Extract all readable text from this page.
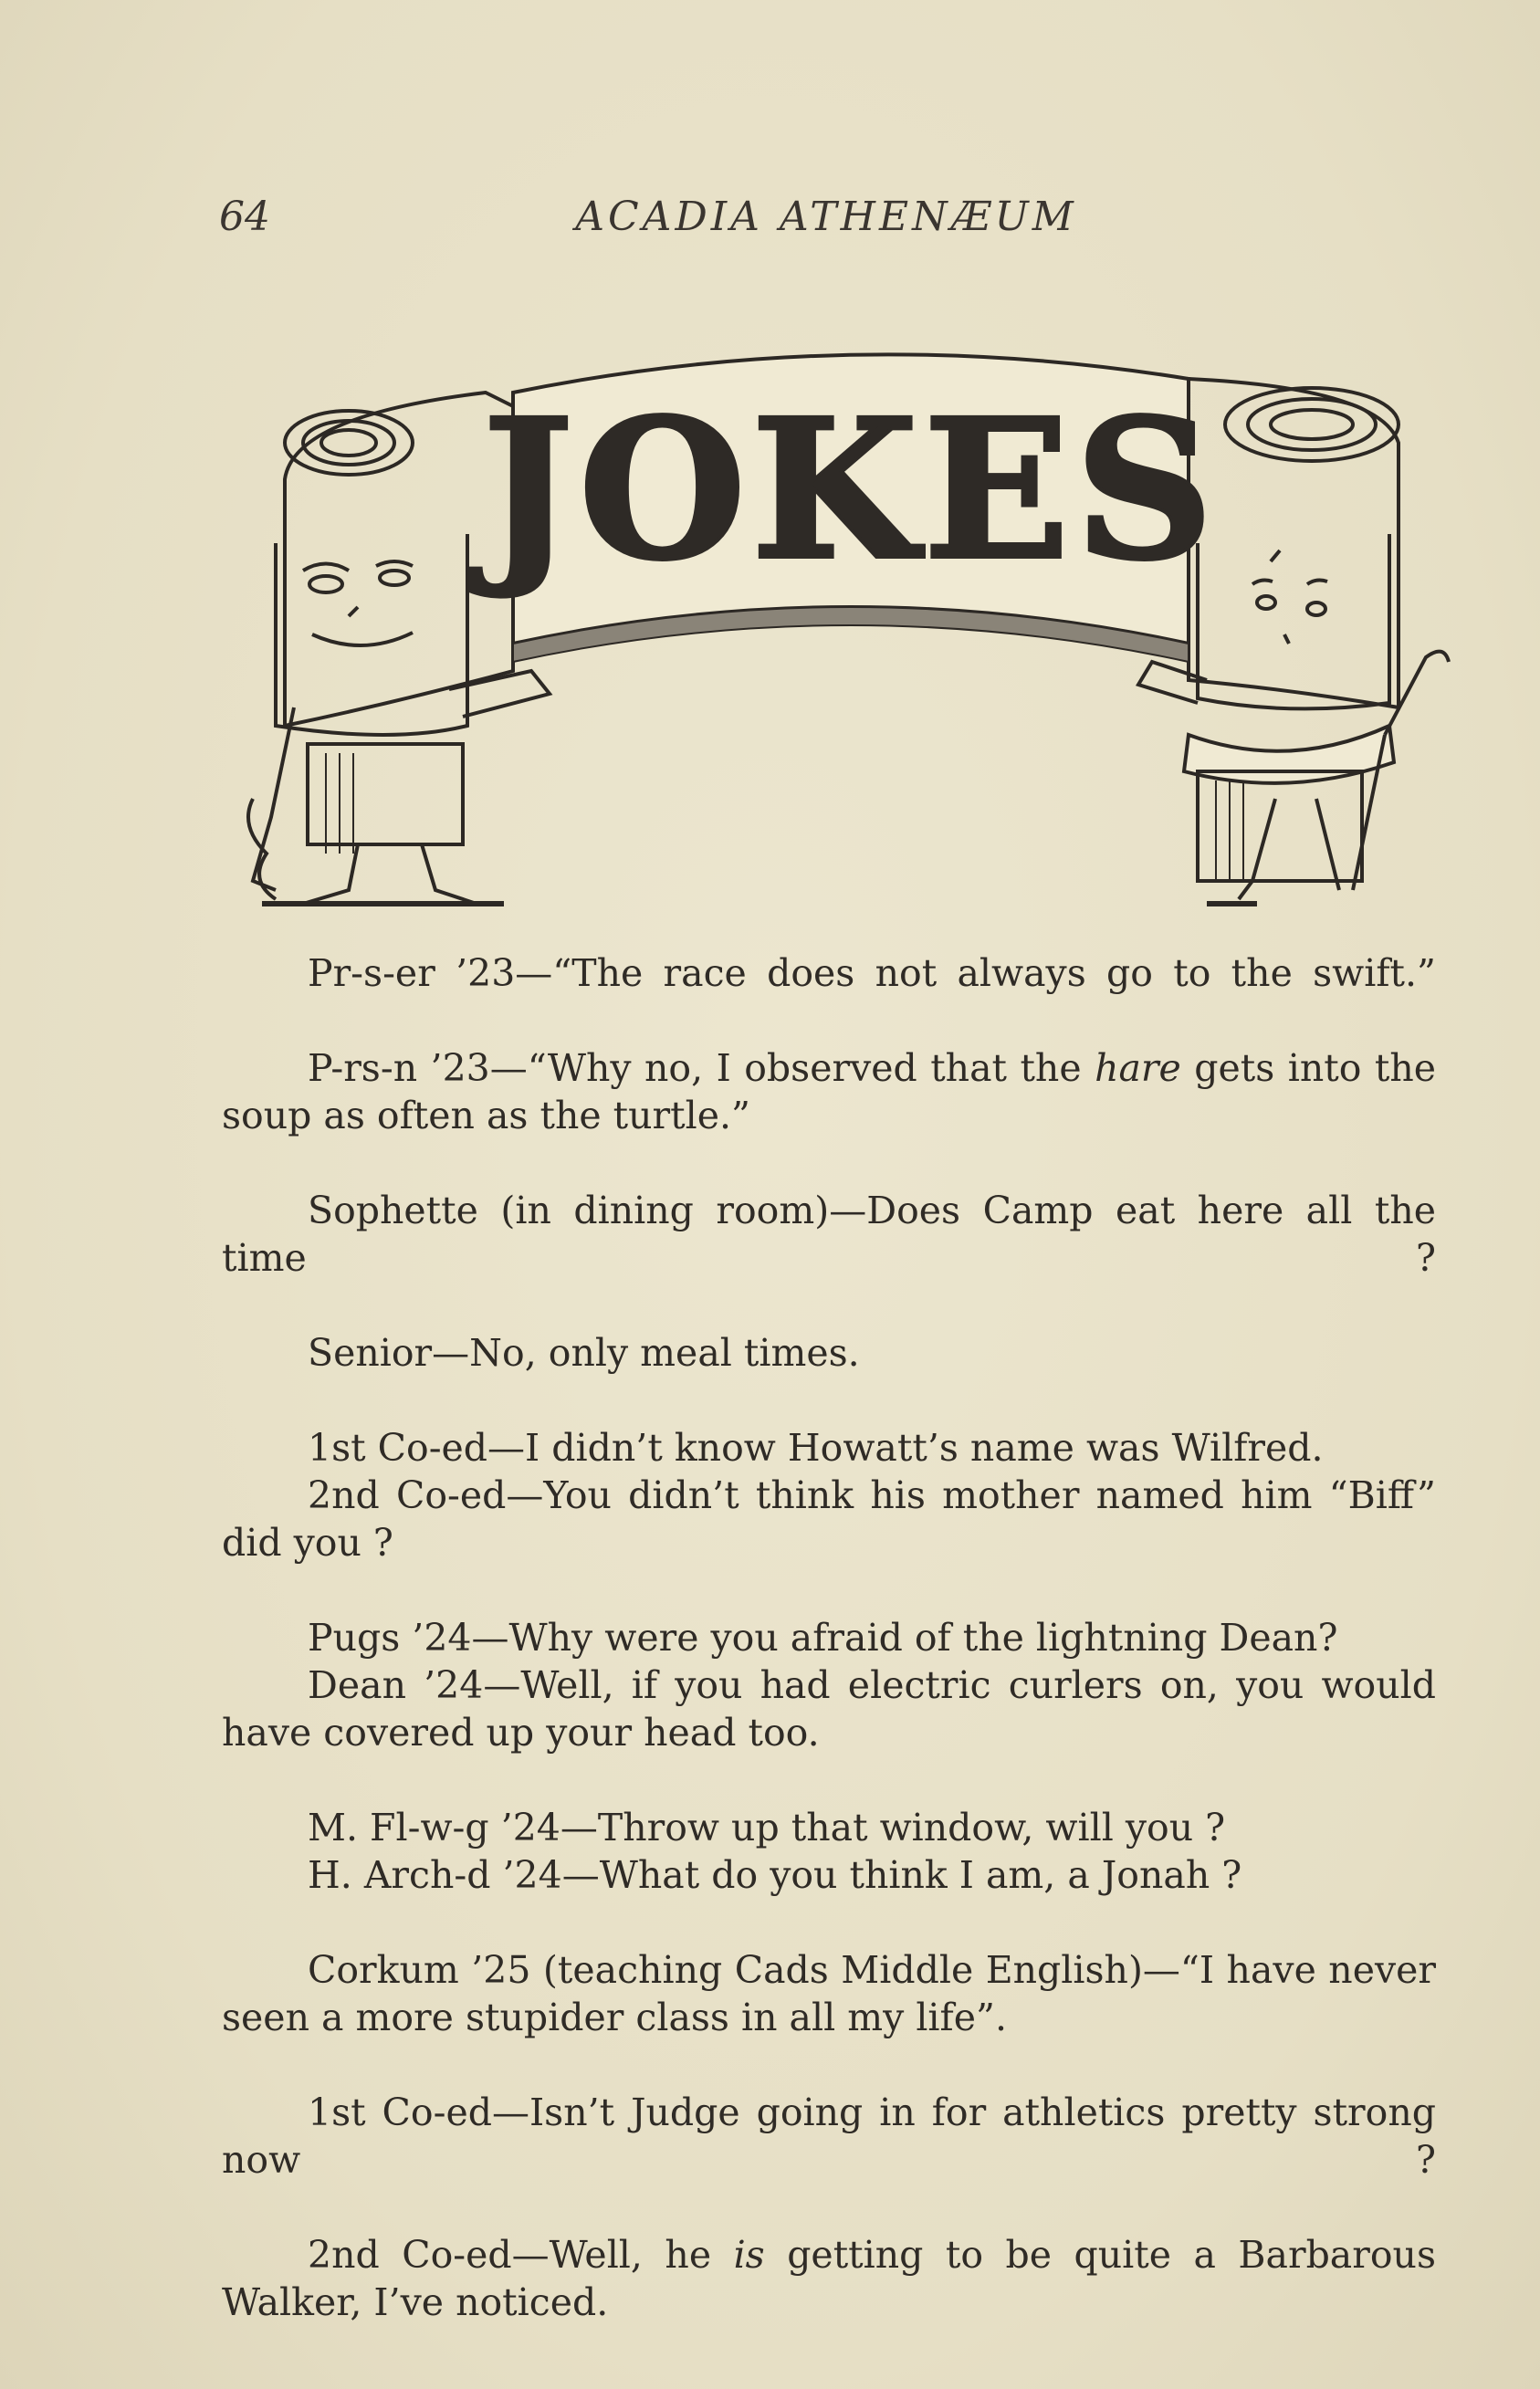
64	ACADIA ATHENÆUM
JOKES

Pr-s-er ’23—“The race does not always go to the swift.”

P-rs-n ’23—“Why no, I observed that the hare gets into the soup as often as the turtle.”

Sophette (in dining room)—Does Camp eat here all the time ?

Senior—No, only meal times.

1st Co-ed—I didn’t know Howatt’s name was Wilfred.

2nd Co-ed—You didn’t think his mother named him “Biff” did you ?

Pugs ’24—Why were you afraid of the lightning Dean?

Dean ’24—Well, if you had electric curlers on, you would have covered up your head too.

M. Fl-w-g ’24—Throw up that window, will you ?

H. Arch-d ’24—What do you think I am, a Jonah ?

Corkum ’25 (teaching Cads Middle English)—“I have never seen a more stupider class in all my life”.

1st Co-ed—Isn’t Judge going in for athletics pretty strong now ?

2nd Co-ed—Well, he is getting to be quite a Barbarous Walker, I’ve noticed.
